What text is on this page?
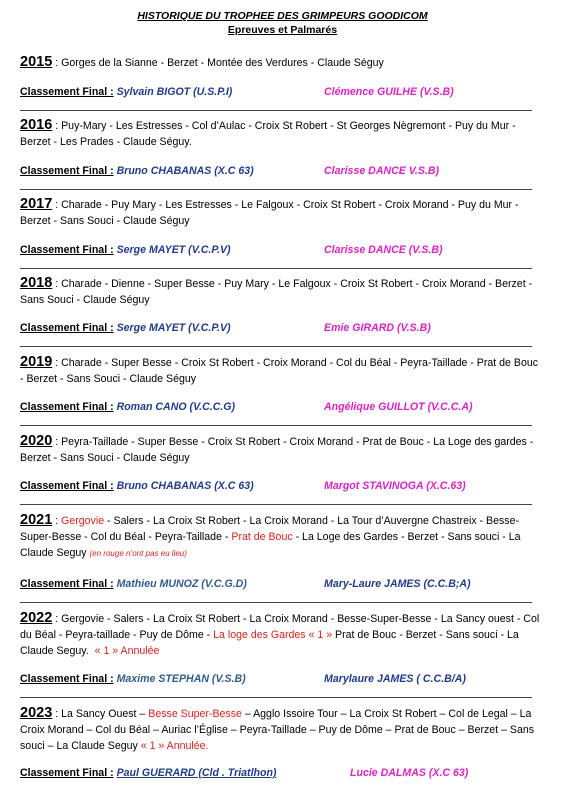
HISTORIQUE DU TROPHEE DES GRIMPEURS GOODICOM
Epreuves et Palmarés
2015 : Gorges de la Sianne - Berzet - Montée des Verdures - Claude Séguy
Classement Final : Sylvain BIGOT (U.S.P.I)	Clémence GUILHE (V.S.B)
2016 : Puy-Mary - Les Estresses - Col d’Aulac - Croix St Robert - St Georges Nègremont - Puy du Mur - Berzet - Les Prades - Claude Séguy.
Classement Final : Bruno CHABANAS (X.C 63)	Clarisse DANCE V.S.B)
2017 : Charade - Puy Mary - Les Estresses - Le Falgoux - Croix St Robert - Croix Morand - Puy du Mur - Berzet - Sans Souci - Claude Séguy
Classement Final : Serge MAYET (V.C.P.V)	Clarisse DANCE (V.S.B)
2018 : Charade - Dienne - Super Besse - Puy Mary - Le Falgoux - Croix St Robert - Croix Morand - Berzet - Sans Souci - Claude Séguy
Classement Final : Serge MAYET (V.C.P.V)	Emie GIRARD (V.S.B)
2019 : Charade - Super Besse - Croix St Robert - Croix Morand - Col du Béal - Peyra-Taillade - Prat de Bouc - Berzet - Sans Souci - Claude Séguy
Classement Final : Roman CANO (V.C.C.G)	Angélique GUILLOT (V.C.C.A)
2020 : Peyra-Taillade - Super Besse - Croix St Robert - Croix Morand - Prat de Bouc - La Loge des gardes - Berzet - Sans Souci - Claude Séguy
Classement Final : Bruno CHABANAS (X.C 63)	Margot STAVINOGA (X.C.63)
2021 : Gergovie - Salers - La Croix St Robert - La Croix Morand - La Tour d’Auvergne Chastreix - Besse-Super-Besse - Col du Béal - Peyra-Taillade - Prat de Bouc - La Loge des Gardes - Berzet - Sans souci - La Claude Seguy (en rouge n’ont pas eu lieu)
Classement Final : Mathieu MUNOZ (V.C.G.D)	Mary-Laure JAMES (C.C.B;A)
2022 : Gergovie - Salers - La Croix St Robert - La Croix Morand - Besse-Super-Besse - La Sancy ouest - Col du Béal - Peyra-taillade - Puy de Dôme - La loge des Gardes « 1 » Prat de Bouc - Berzet - Sans souci - La Claude Seguy. « 1 » Annulée
Classement Final : Maxime STEPHAN (V.S.B)	Marylaure JAMES ( C.C.B/A)
2023 : La Sancy Ouest – Besse Super-Besse – Agglo Issoire Tour – La Croix St Robert – Col de Legal – La Croix Morand – Col du Béal – Auriac l’Église – Peyra-Taillade – Puy de Dôme – Prat de Bouc – Berzet – Sans souci – La Claude Seguy « 1 » Annulée.
Classement Final : Paul GUERARD (Cld . Triatlhon)	Lucie DALMAS (X.C 63)
